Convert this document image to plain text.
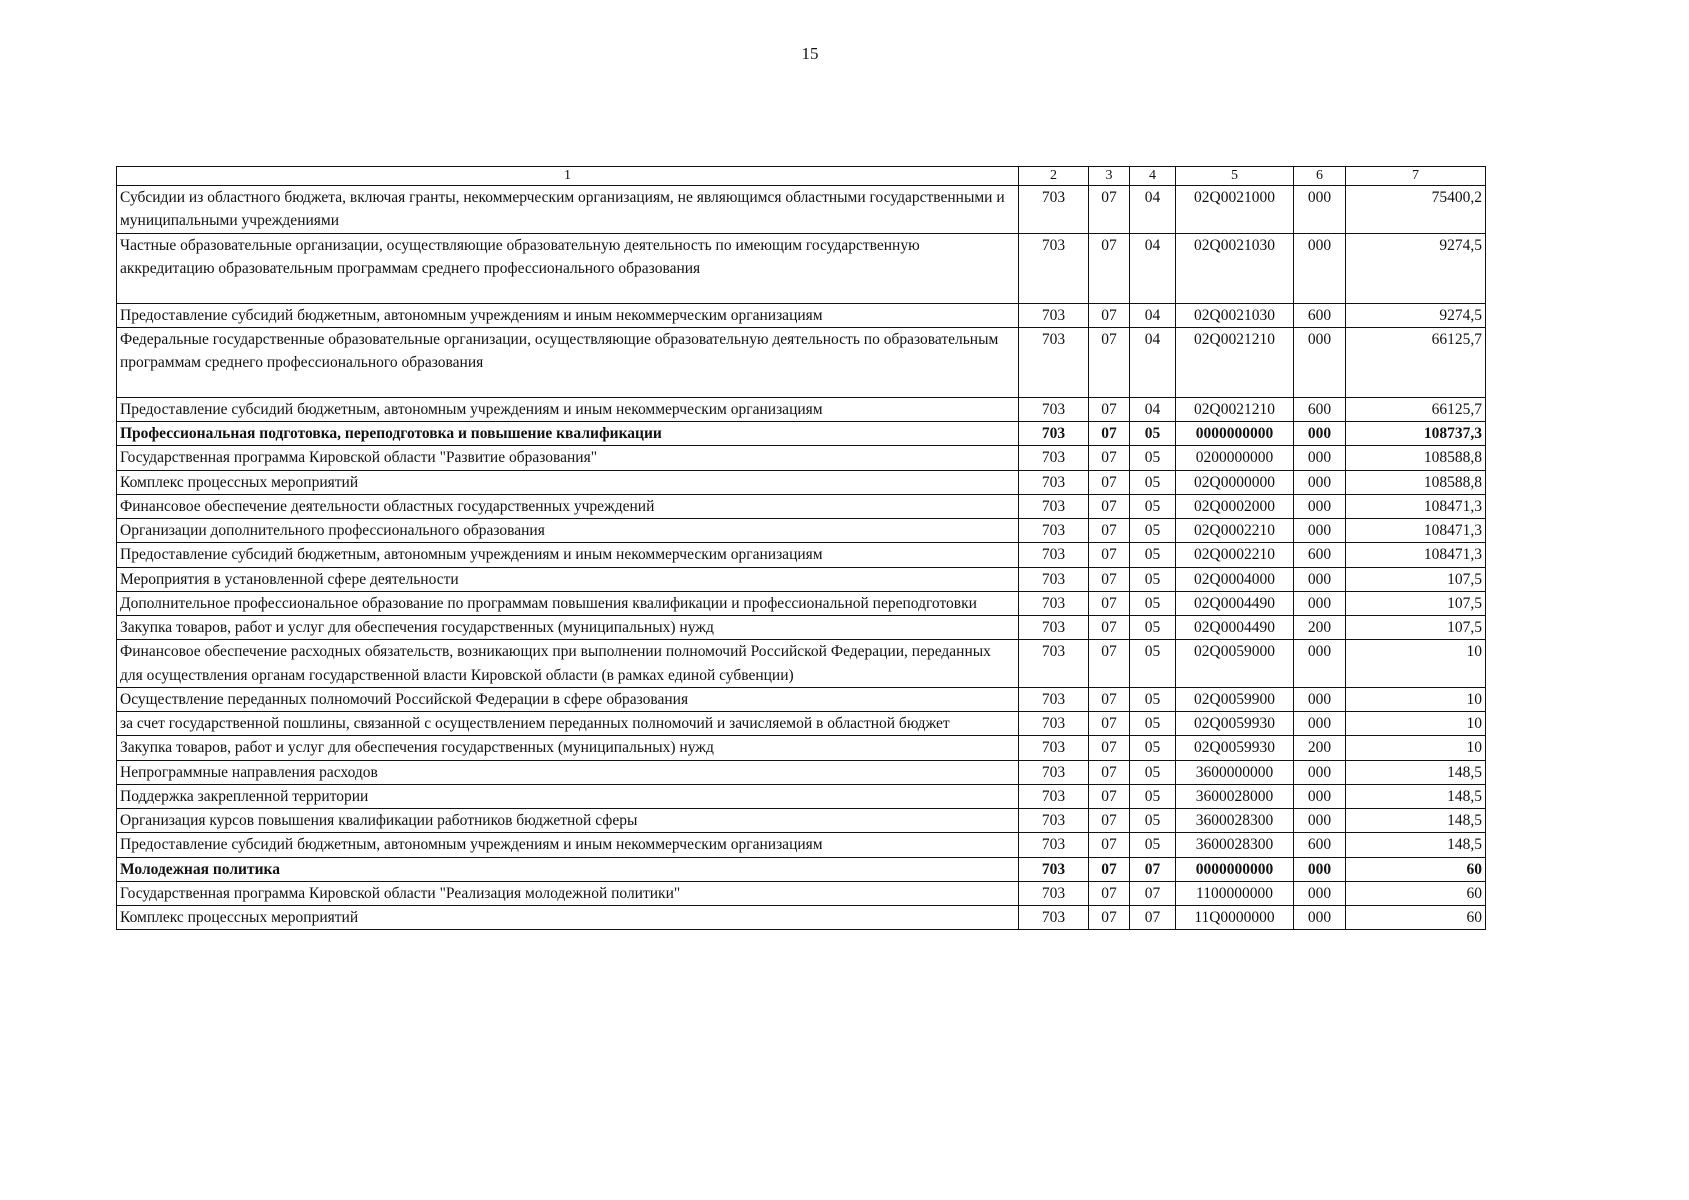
15
1	2	3	4	5	6	7
Субсидии из областного бюджета, включая гранты, некоммерческим организациям, не являющимся областными государственными и муниципальными учреждениями	703	07	04	02Q0021000	000	75400,2
Частные образовательные организации, осуществляющие образовательную деятельность по имеющим государственную аккредитацию образовательным программам среднего профессионального образования	703	07	04	02Q0021030	000	9274,5
Предоставление субсидий бюджетным, автономным учреждениям и иным некоммерческим организациям	703	07	04	02Q0021030	600	9274,5
Федеральные государственные образовательные организации, осуществляющие образовательную деятельность по образовательным программам среднего профессионального образования	703	07	04	02Q0021210	000	66125,7
Предоставление субсидий бюджетным, автономным учреждениям и иным некоммерческим организациям	703	07	04	02Q0021210	600	66125,7
Профессиональная подготовка, переподготовка и повышение квалификации	703	07	05	0000000000	000	108737,3
Государственная программа Кировской области "Развитие образования"	703	07	05	0200000000	000	108588,8
Комплекс процессных мероприятий	703	07	05	02Q0000000	000	108588,8
Финансовое обеспечение деятельности областных государственных учреждений	703	07	05	02Q0002000	000	108471,3
Организации дополнительного профессионального образования	703	07	05	02Q0002210	000	108471,3
Предоставление субсидий бюджетным, автономным учреждениям и иным некоммерческим организациям	703	07	05	02Q0002210	600	108471,3
Мероприятия в установленной сфере деятельности	703	07	05	02Q0004000	000	107,5
Дополнительное профессиональное образование по программам повышения квалификации и профессиональной переподготовки	703	07	05	02Q0004490	000	107,5
Закупка товаров, работ и услуг для обеспечения государственных (муниципальных) нужд	703	07	05	02Q0004490	200	107,5
Финансовое обеспечение расходных обязательств, возникающих при выполнении полномочий Российской Федерации, переданных для осуществления органам государственной власти Кировской области (в рамках единой субвенции)	703	07	05	02Q0059000	000	10
Осуществление переданных полномочий Российской Федерации в сфере образования	703	07	05	02Q0059900	000	10
за счет государственной пошлины, связанной с осуществлением переданных полномочий и зачисляемой в областной бюджет	703	07	05	02Q0059930	000	10
Закупка товаров, работ и услуг для обеспечения государственных (муниципальных) нужд	703	07	05	02Q0059930	200	10
Непрограммные направления расходов	703	07	05	3600000000	000	148,5
Поддержка закрепленной территории	703	07	05	3600028000	000	148,5
Организация курсов повышения квалификации работников бюджетной сферы	703	07	05	3600028300	000	148,5
Предоставление субсидий бюджетным, автономным учреждениям и иным некоммерческим организациям	703	07	05	3600028300	600	148,5
Молодежная политика	703	07	07	0000000000	000	60
Государственная программа Кировской области "Реализация молодежной политики"	703	07	07	1100000000	000	60
Комплекс процессных мероприятий	703	07	07	11Q0000000	000	60
